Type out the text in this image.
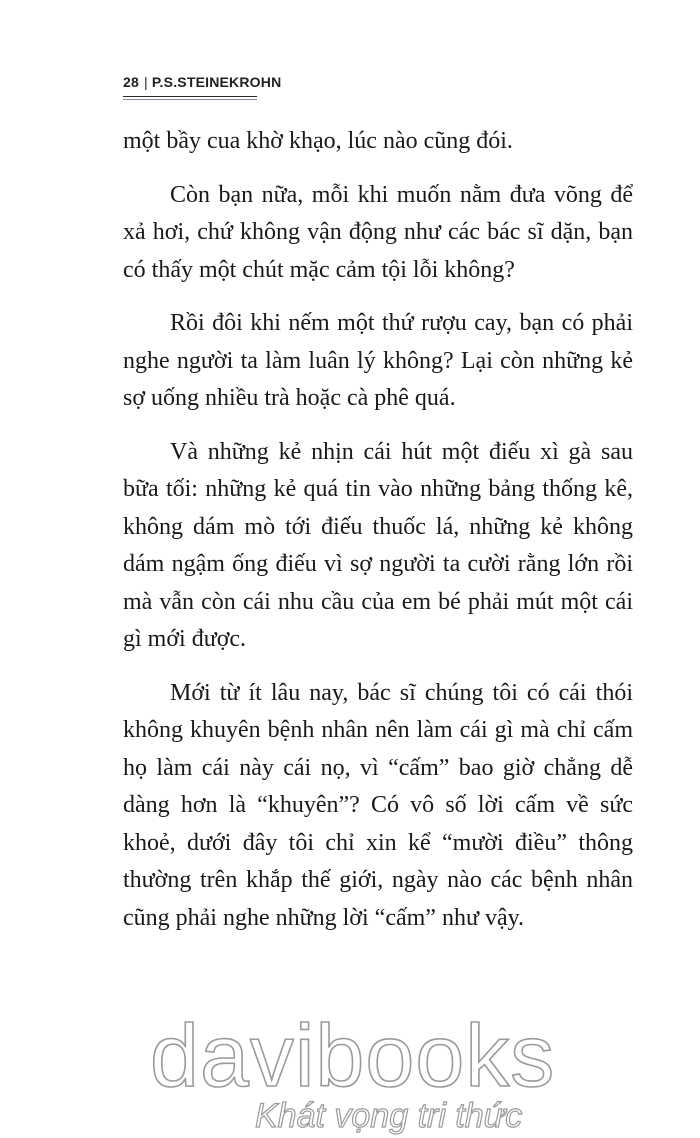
28 | P.S.STEINEKROHN

một bầy cua khờ khạo, lúc nào cũng đói.

Còn bạn nữa, mỗi khi muốn nằm đưa võng để xả hơi, chứ không vận động như các bác sĩ dặn, bạn có thấy một chút mặc cảm tội lỗi không?

Rồi đôi khi nếm một thứ rượu cay, bạn có phải nghe người ta làm luân lý không? Lại còn những kẻ sợ uống nhiều trà hoặc cà phê quá.

Và những kẻ nhịn cái hút một điếu xì gà sau bữa tối: những kẻ quá tin vào những bảng thống kê, không dám mò tới điếu thuốc lá, những kẻ không dám ngậm ống điếu vì sợ người ta cười rằng lớn rồi mà vẫn còn cái nhu cầu của em bé phải mút một cái gì mới được.

Mới từ ít lâu nay, bác sĩ chúng tôi có cái thói không khuyên bệnh nhân nên làm cái gì mà chỉ cấm họ làm cái này cái nọ, vì “cấm” bao giờ chẳng dễ dàng hơn là “khuyên”? Có vô số lời cấm về sức khoẻ, dưới đây tôi chỉ xin kể “mười điều” thông thường trên khắp thế giới, ngày nào các bệnh nhân cũng phải nghe những lời “cấm” như vậy.

davibooks
Khát vọng tri thức
